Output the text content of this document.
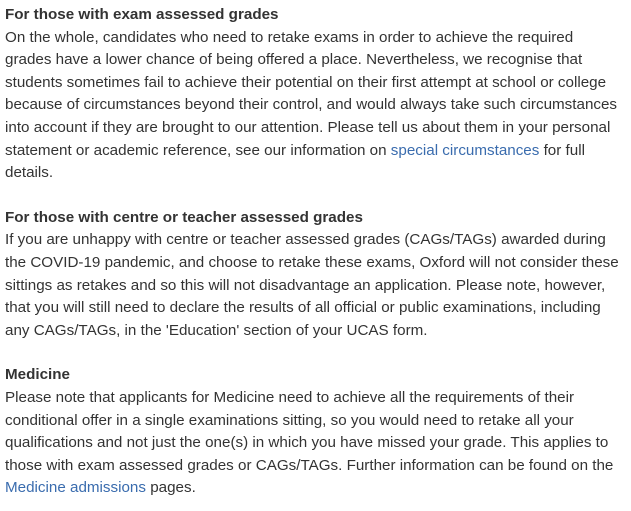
For those with exam assessed grades

On the whole, candidates who need to retake exams in order to achieve the required grades have a lower chance of being offered a place. Nevertheless, we recognise that students sometimes fail to achieve their potential on their first attempt at school or college because of circumstances beyond their control, and would always take such circumstances into account if they are brought to our attention. Please tell us about them in your personal statement or academic reference, see our information on special circumstances for full details.

For those with centre or teacher assessed grades

If you are unhappy with centre or teacher assessed grades (CAGs/TAGs) awarded during the COVID-19 pandemic, and choose to retake these exams, Oxford will not consider these sittings as retakes and so this will not disadvantage an application. Please note, however, that you will still need to declare the results of all official or public examinations, including any CAGs/TAGs, in the 'Education' section of your UCAS form.

Medicine

Please note that applicants for Medicine need to achieve all the requirements of their conditional offer in a single examinations sitting, so you would need to retake all your qualifications and not just the one(s) in which you have missed your grade. This applies to those with exam assessed grades or CAGs/TAGs. Further information can be found on the Medicine admissions pages.
